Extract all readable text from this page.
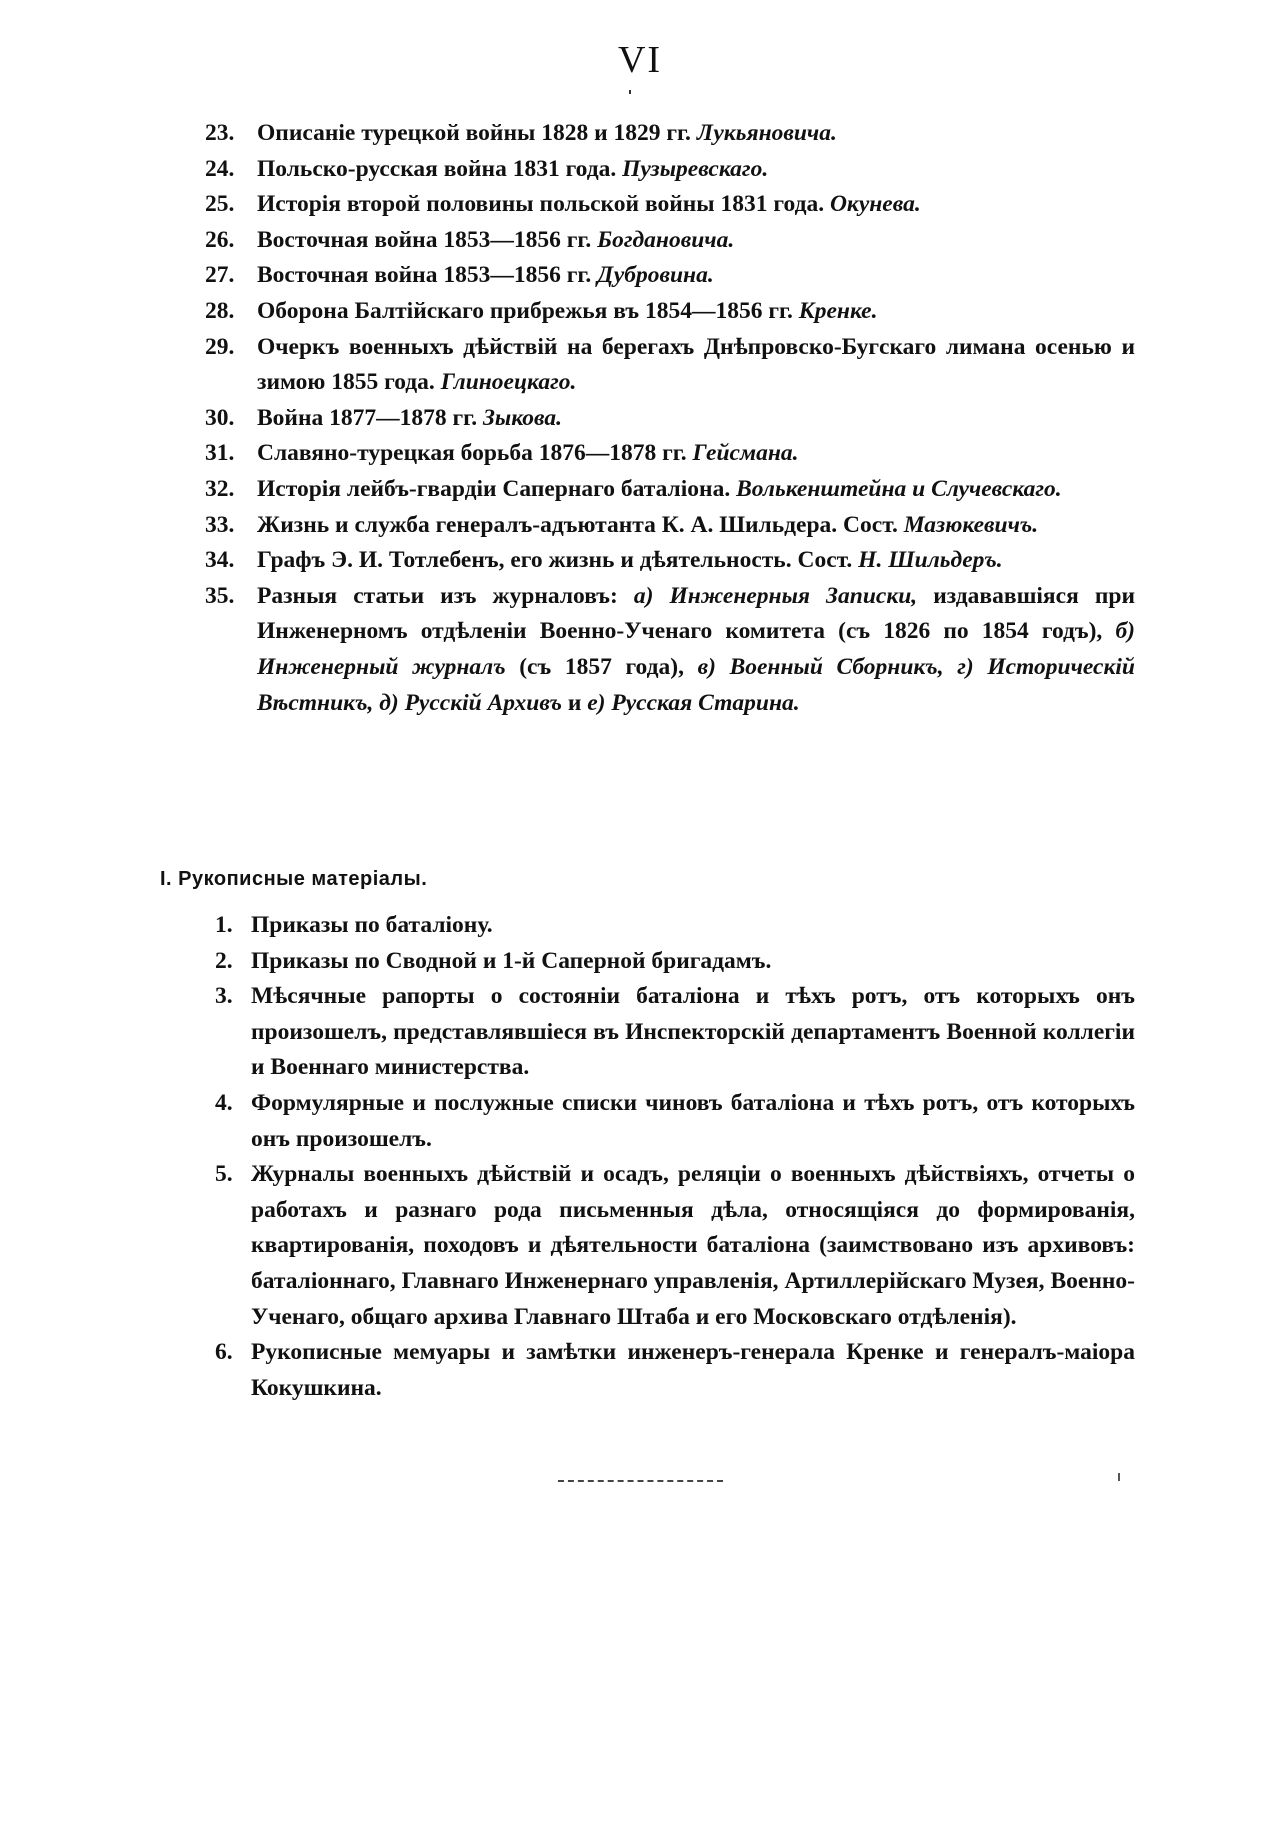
VI
23. Описаніе турецкой войны 1828 и 1829 гг. Лукьяновича.
24. Польско-русская война 1831 года. Пузыревскаго.
25. Исторія второй половины польской войны 1831 года. Окунева.
26. Восточная война 1853—1856 гг. Богдановича.
27. Восточная война 1853—1856 гг. Дубровина.
28. Оборона Балтійскаго прибрежья въ 1854—1856 гг. Кренке.
29. Очеркъ военныхъ дѣйствій на берегахъ Днѣпровско-Бугскаго лимана осенью и зимою 1855 года. Глиноецкаго.
30. Война 1877—1878 гг. Зыкова.
31. Славяно-турецкая борьба 1876—1878 гг. Гейсмана.
32. Исторія лейбъ-гвардіи Сапернаго баталіона. Волькенштейна и Случевскаго.
33. Жизнь и служба генералъ-адъютанта К. А. Шильдера. Сост. Мазюкевичъ.
34. Графъ Э. И. Тотлебенъ, его жизнь и дѣятельность. Сост. Н. Шильдеръ.
35. Разныя статьи изъ журналовъ: а) Инженерныя Записки, издававшіяся при Инженерномъ отдѣленіи Военно-Ученаго комитета (съ 1826 по 1854 годъ), б) Инженерный журналъ (съ 1857 года), в) Военный Сборникъ, г) Историческій Вѣстникъ, д) Русскій Архивъ и е) Русская Старина.
I. Рукописные матеріалы.
1. Приказы по баталіону.
2. Приказы по Сводной и 1-й Саперной бригадамъ.
3. Мѣсячные рапорты о состояніи баталіона и тѣхъ ротъ, отъ которыхъ онъ произошелъ, представлявшіеся въ Инспекторскій департаментъ Военной коллегіи и Военнаго министерства.
4. Формулярные и послужные списки чиновъ баталіона и тѣхъ ротъ, отъ которыхъ онъ произошелъ.
5. Журналы военныхъ дѣйствій и осадъ, реляціи о военныхъ дѣйствіяхъ, отчеты о работахъ и разнаго рода письменныя дѣла, относящіяся до формированія, квартированія, походовъ и дѣятельности баталіона (заимствовано изъ архивовъ: баталіоннаго, Главнаго Инженернаго управленія, Артиллерійскаго Музея, Военно-Ученаго, общаго архива Главнаго Штаба и его Московскаго отдѣленія).
6. Рукописные мемуары и замѣтки инженеръ-генерала Кренке и генералъ-маіора Кокушкина.
